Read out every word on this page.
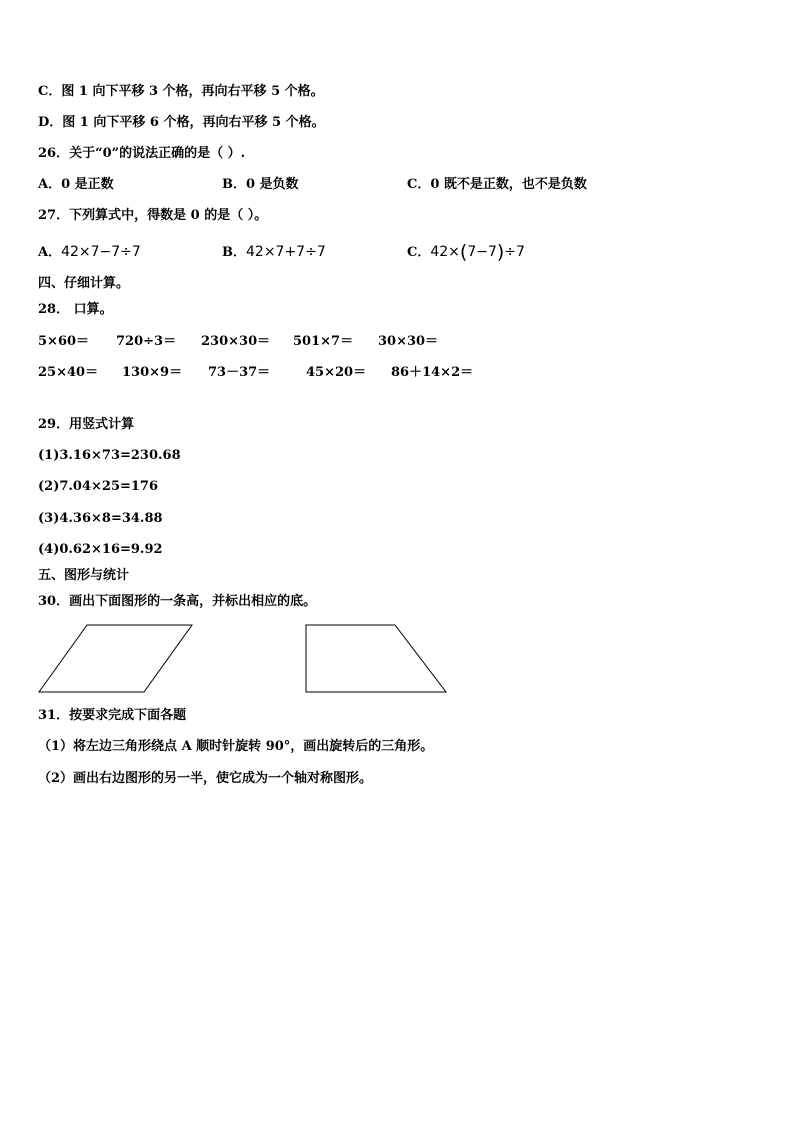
C．图 1 向下平移 3 个格，再向右平移 5 个格。
D．图 1 向下平移 6 个格，再向右平移 5 个格。
26．关于“0”的说法正确的是（ ）.
A．0 是正数	B．0 是负数	C．0 既不是正数，也不是负数
27．下列算式中，得数是 0 的是（ ）。
A．42×7−7÷7	B．42×7+7÷7	C．42×(7−7)÷7
四、仔细计算。
28． 口算。
5×60＝ 720÷3＝ 230×30＝ 501×7＝ 30×30＝
25×40＝ 130×9＝ 73－37＝	45×20＝ 86＋14×2＝
29．用竖式计算
(1)3.16×73=230.68
(2)7.04×25=176
(3)4.36×8=34.88
(4)0.62×16=9.92
五、图形与统计
30．画出下面图形的一条高，并标出相应的底。
31．按要求完成下面各题
（1）将左边三角形绕点 A 顺时针旋转 90°，画出旋转后的三角形。
（2）画出右边图形的另一半，使它成为一个轴对称图形。
